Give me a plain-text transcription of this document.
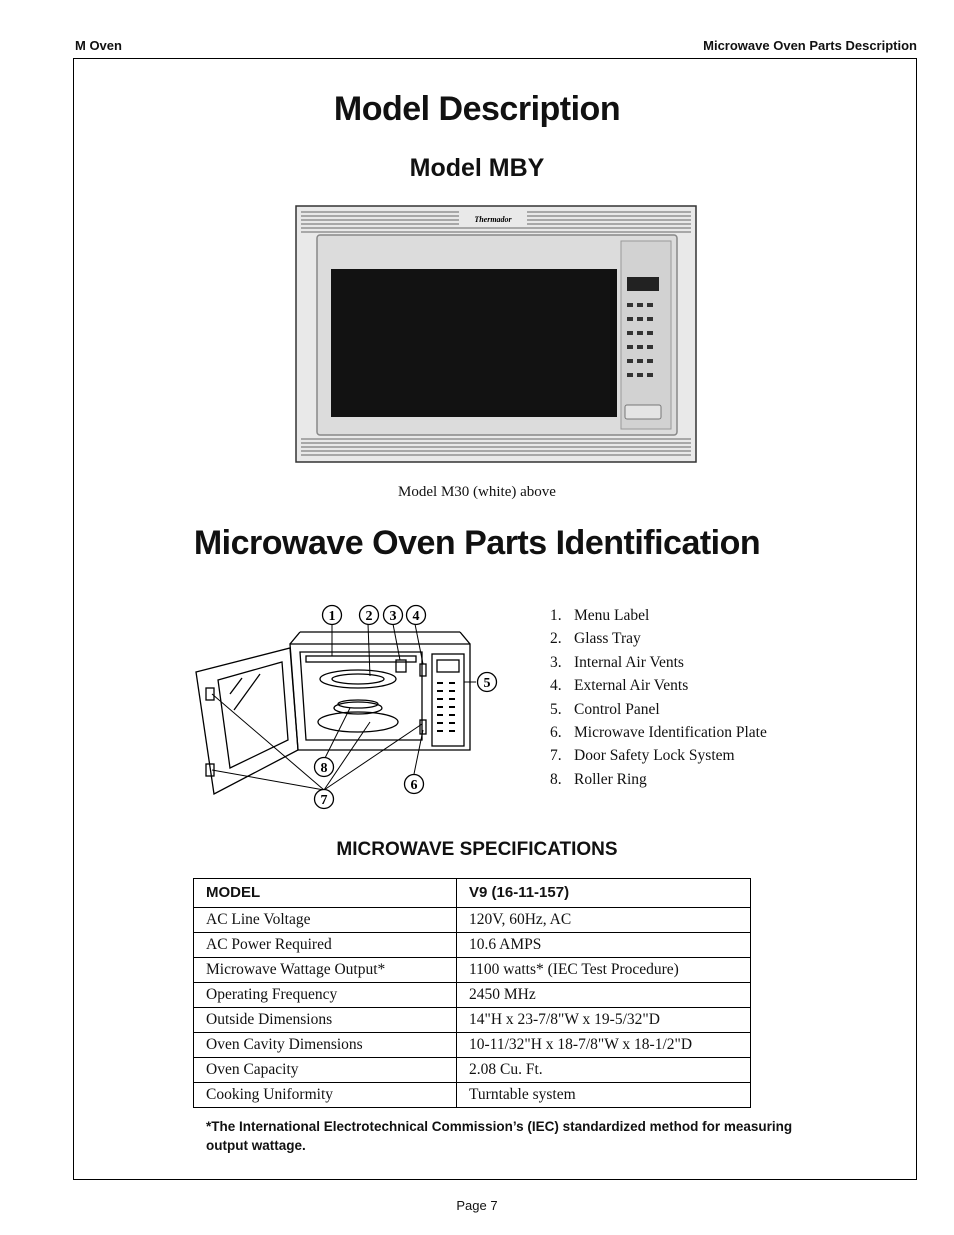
M Oven	Microwave Oven Parts Description
Model Description
Model MBY
Thermador
Model M30 (white) above
Microwave Oven Parts Identification
1 2 3 4
5
6
7
8
1. Menu Label
2. Glass Tray
3. Internal Air Vents
4. External Air Vents
5. Control Panel
6. Microwave Identification Plate
7. Door Safety Lock System
8. Roller Ring
MICROWAVE SPECIFICATIONS
MODEL	V9 (16-11-157)
AC Line Voltage	120V, 60Hz, AC
AC Power Required	10.6 AMPS
Microwave Wattage Output*	1100 watts* (IEC Test Procedure)
Operating Frequency	2450 MHz
Outside Dimensions	14"H x 23-7/8"W x 19-5/32"D
Oven Cavity Dimensions	10-11/32"H x 18-7/8"W x 18-1/2"D
Oven Capacity	2.08 Cu. Ft.
Cooking Uniformity	Turntable system
*The International Electrotechnical Commission’s (IEC) standardized method for measuring output wattage.
Page 7
